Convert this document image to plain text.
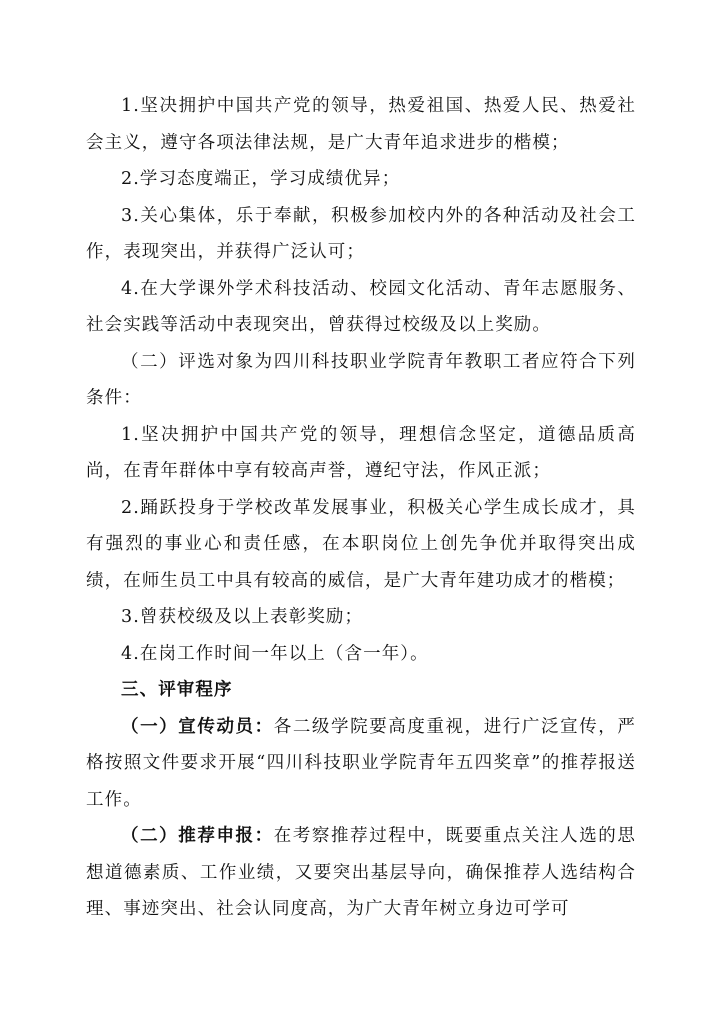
1.坚决拥护中国共产党的领导，热爱祖国、热爱人民、热爱社会主义，遵守各项法律法规，是广大青年追求进步的楷模；

2.学习态度端正，学习成绩优异；

3.关心集体，乐于奉献，积极参加校内外的各种活动及社会工作，表现突出，并获得广泛认可；

4.在大学课外学术科技活动、校园文化活动、青年志愿服务、社会实践等活动中表现突出，曾获得过校级及以上奖励。

（二）评选对象为四川科技职业学院青年教职工者应符合下列条件：

1.坚决拥护中国共产党的领导，理想信念坚定，道德品质高尚，在青年群体中享有较高声誉，遵纪守法，作风正派；

2.踊跃投身于学校改革发展事业，积极关心学生成长成才，具有强烈的事业心和责任感，在本职岗位上创先争优并取得突出成绩，在师生员工中具有较高的威信，是广大青年建功成才的楷模；

3.曾获校级及以上表彰奖励；

4.在岗工作时间一年以上（含一年）。

三、评审程序

（一）宣传动员：各二级学院要高度重视，进行广泛宣传，严格按照文件要求开展“四川科技职业学院青年五四奖章”的推荐报送工作。

（二）推荐申报：在考察推荐过程中，既要重点关注人选的思想道德素质、工作业绩，又要突出基层导向，确保推荐人选结构合理、事迹突出、社会认同度高，为广大青年树立身边可学可
